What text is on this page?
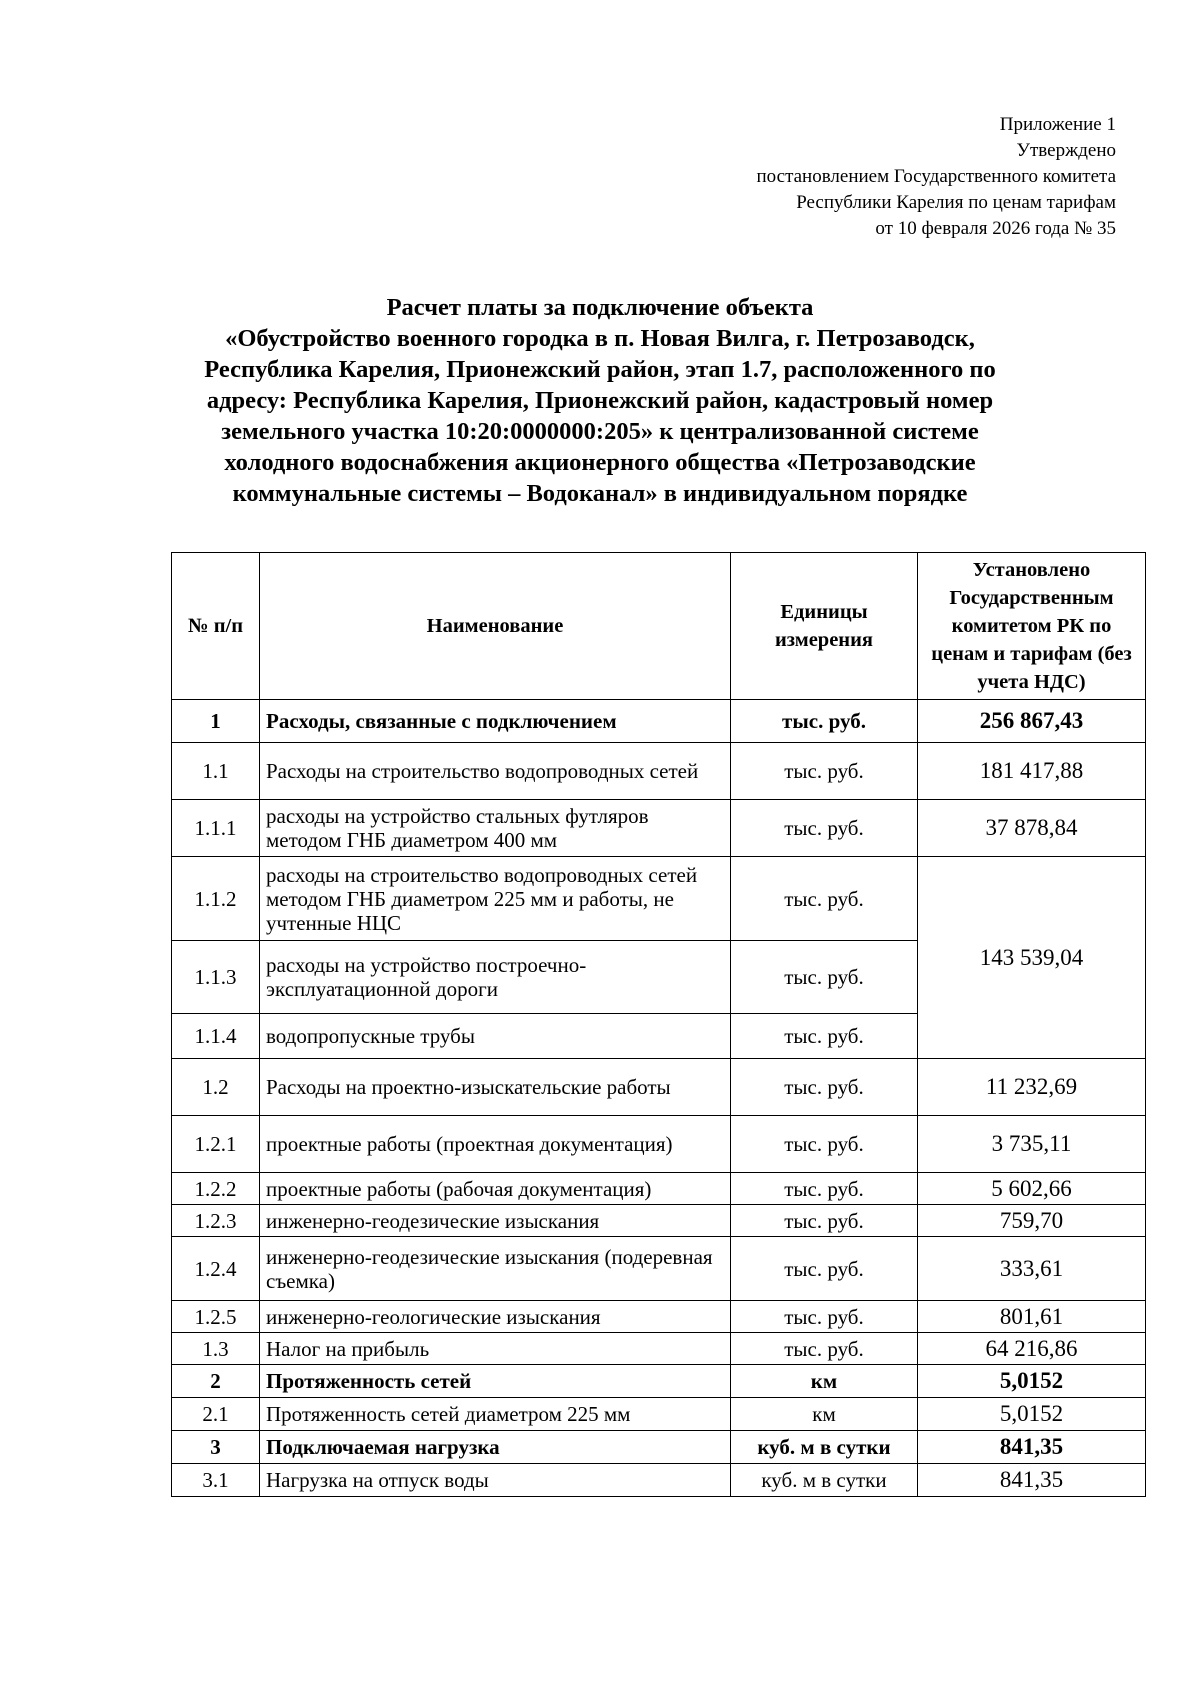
Приложение 1
Утверждено
постановлением Государственного комитета
Республики Карелия по ценам тарифам
от 10 февраля 2026 года № 35
Расчет платы за подключение объекта
«Обустройство военного городка в п. Новая Вилга, г. Петрозаводск,
Республика Карелия, Прионежский район, этап 1.7, расположенного по
адресу: Республика Карелия, Прионежский район, кадастровый номер
земельного участка 10:20:0000000:205» к централизованной системе
холодного водоснабжения акционерного общества «Петрозаводские
коммунальные системы – Водоканал» в индивидуальном порядке
№ п/п	Наименование	Единицы измерения	Установлено Государственным комитетом РК по ценам и тарифам (без учета НДС)
1	Расходы, связанные с подключением	тыс. руб.	256 867,43
1.1	Расходы на строительство водопроводных сетей	тыс. руб.	181 417,88
1.1.1	расходы на устройство стальных футляров методом ГНБ диаметром 400 мм	тыс. руб.	37 878,84
1.1.2	расходы на строительство водопроводных сетей методом ГНБ диаметром 225 мм и работы, не учтенные НЦС	тыс. руб.	143 539,04
1.1.3	расходы на устройство построечно-эксплуатационной дороги	тыс. руб.	
1.1.4	водопропускные трубы	тыс. руб.	
1.2	Расходы на проектно-изыскательские работы	тыс. руб.	11 232,69
1.2.1	проектные работы (проектная документация)	тыс. руб.	3 735,11
1.2.2	проектные работы (рабочая документация)	тыс. руб.	5 602,66
1.2.3	инженерно-геодезические изыскания	тыс. руб.	759,70
1.2.4	инженерно-геодезические изыскания (подеревная съемка)	тыс. руб.	333,61
1.2.5	инженерно-геологические изыскания	тыс. руб.	801,61
1.3	Налог на прибыль	тыс. руб.	64 216,86
2	Протяженность сетей	км	5,0152
2.1	Протяженность сетей диаметром 225 мм	км	5,0152
3	Подключаемая нагрузка	куб. м в сутки	841,35
3.1	Нагрузка на отпуск воды	куб. м в сутки	841,35
